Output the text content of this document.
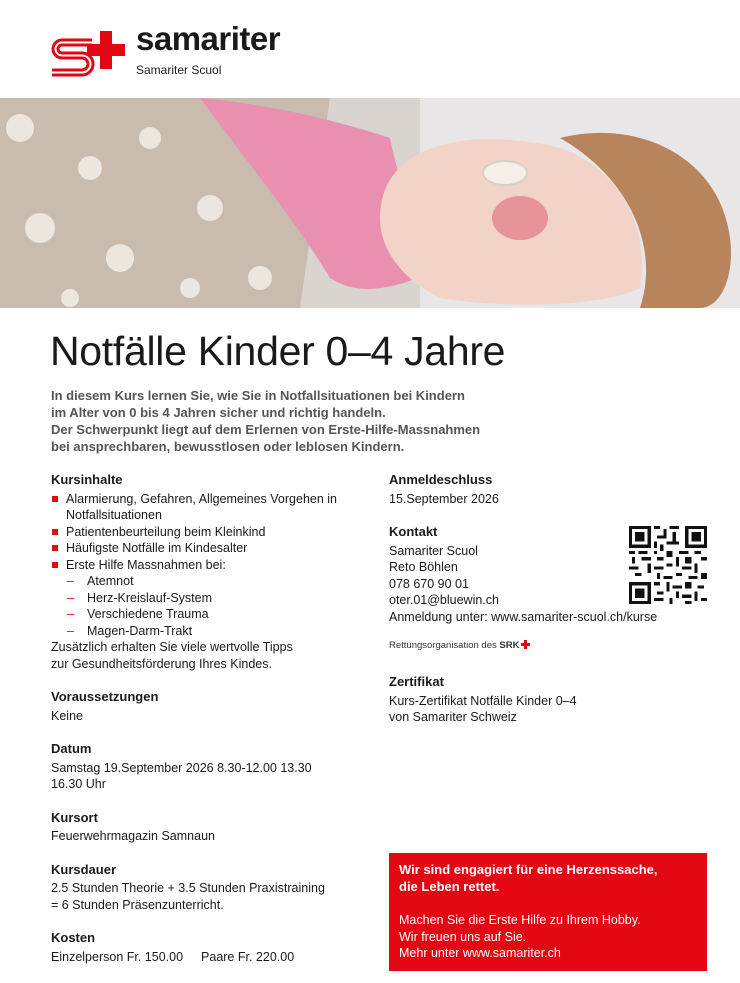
samariter
Samariter Scuol
Notfälle Kinder 0–4 Jahre
In diesem Kurs lernen Sie, wie Sie in Notfallsituationen bei Kindern
im Alter von 0 bis 4 Jahren sicher und richtig handeln.
Der Schwerpunkt liegt auf dem Erlernen von Erste-Hilfe-Massnahmen
bei ansprechbaren, bewusstlosen oder leblosen Kindern.
Kursinhalte
Alarmierung, Gefahren, Allgemeines Vorgehen in Notfallsituationen
Patientenbeurteilung beim Kleinkind
Häufigste Notfälle im Kindesalter
Erste Hilfe Massnahmen bei:
– Atemnot
– Herz-Kreislauf-System
– Verschiedene Trauma
– Magen-Darm-Trakt
Zusätzlich erhalten Sie viele wertvolle Tipps
zur Gesundheitsförderung Ihres Kindes.
Voraussetzungen
Keine
Datum
Samstag 19.September 2026 8.30-12.00 13.30
16.30 Uhr
Kursort
Feuerwehrmagazin Samnaun
Kursdauer
2.5 Stunden Theorie + 3.5 Stunden Praxistraining
= 6 Stunden Präsenzunterricht.
Kosten
Einzelperson Fr. 150.00 Paare Fr. 220.00
Anmeldeschluss
15.September 2026
Kontakt
Samariter Scuol
Reto Böhlen
078 670 90 01
oter.01@bluewin.ch
Anmeldung unter: www.samariter-scuol.ch/kurse
Rettungsorganisation des SRK
Zertifikat
Kurs-Zertifikat Notfälle Kinder 0–4
von Samariter Schweiz
Wir sind engagiert für eine Herzenssache,
die Leben rettet.
Machen Sie die Erste Hilfe zu Ihrem Hobby.
Wir freuen uns auf Sie.
Mehr unter www.samariter.ch
